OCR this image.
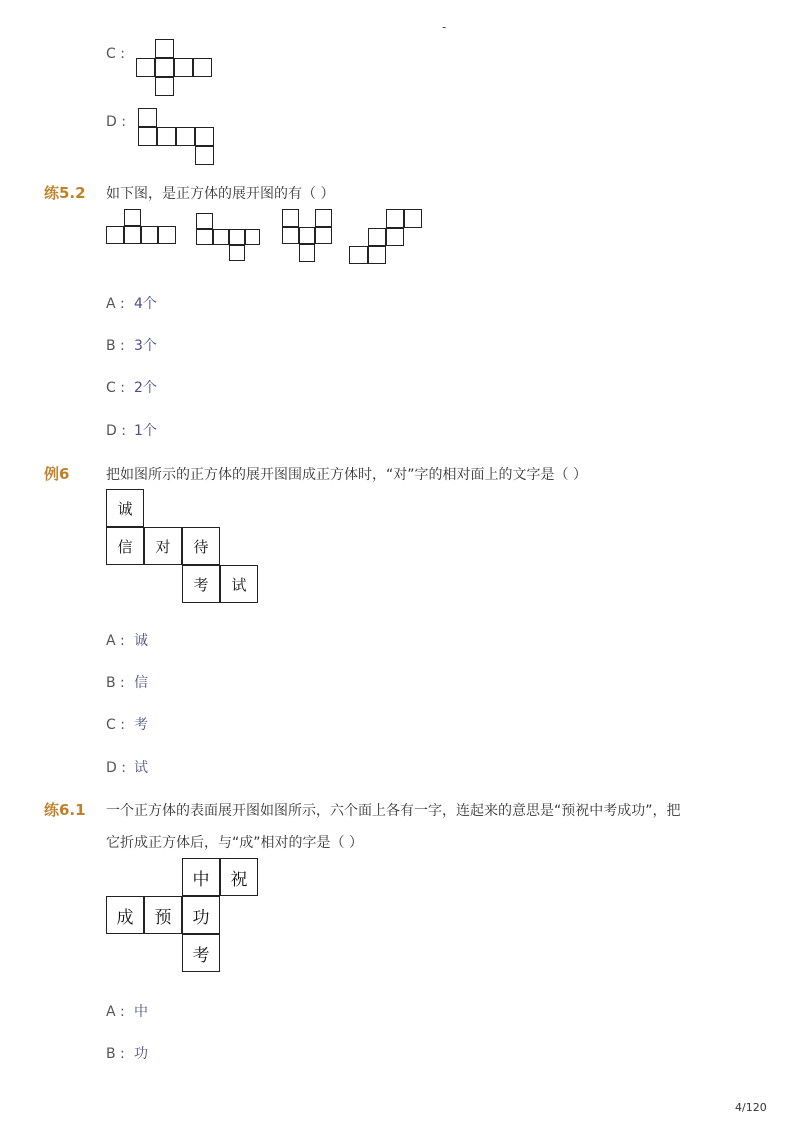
-
C :
D :
练5.2 如下图，是正方体的展开图的有（ ）
A : 4个
B : 3个
C : 2个
D : 1个
例6	把如图所示的正方体的展开图围成正方体时，“对”字的相对面上的文字是（ ）
诚
信	对	待
考	试
A : 诚
B : 信
C : 考
D : 试
练6.1 一个正方体的表面展开图如图所示，六个面上各有一字，连起来的意思是“预祝中考成功”，把
它折成正方体后，与“成”相对的字是（ ）
中	祝
成	预	功
考
A : 中
B : 功
4/120
